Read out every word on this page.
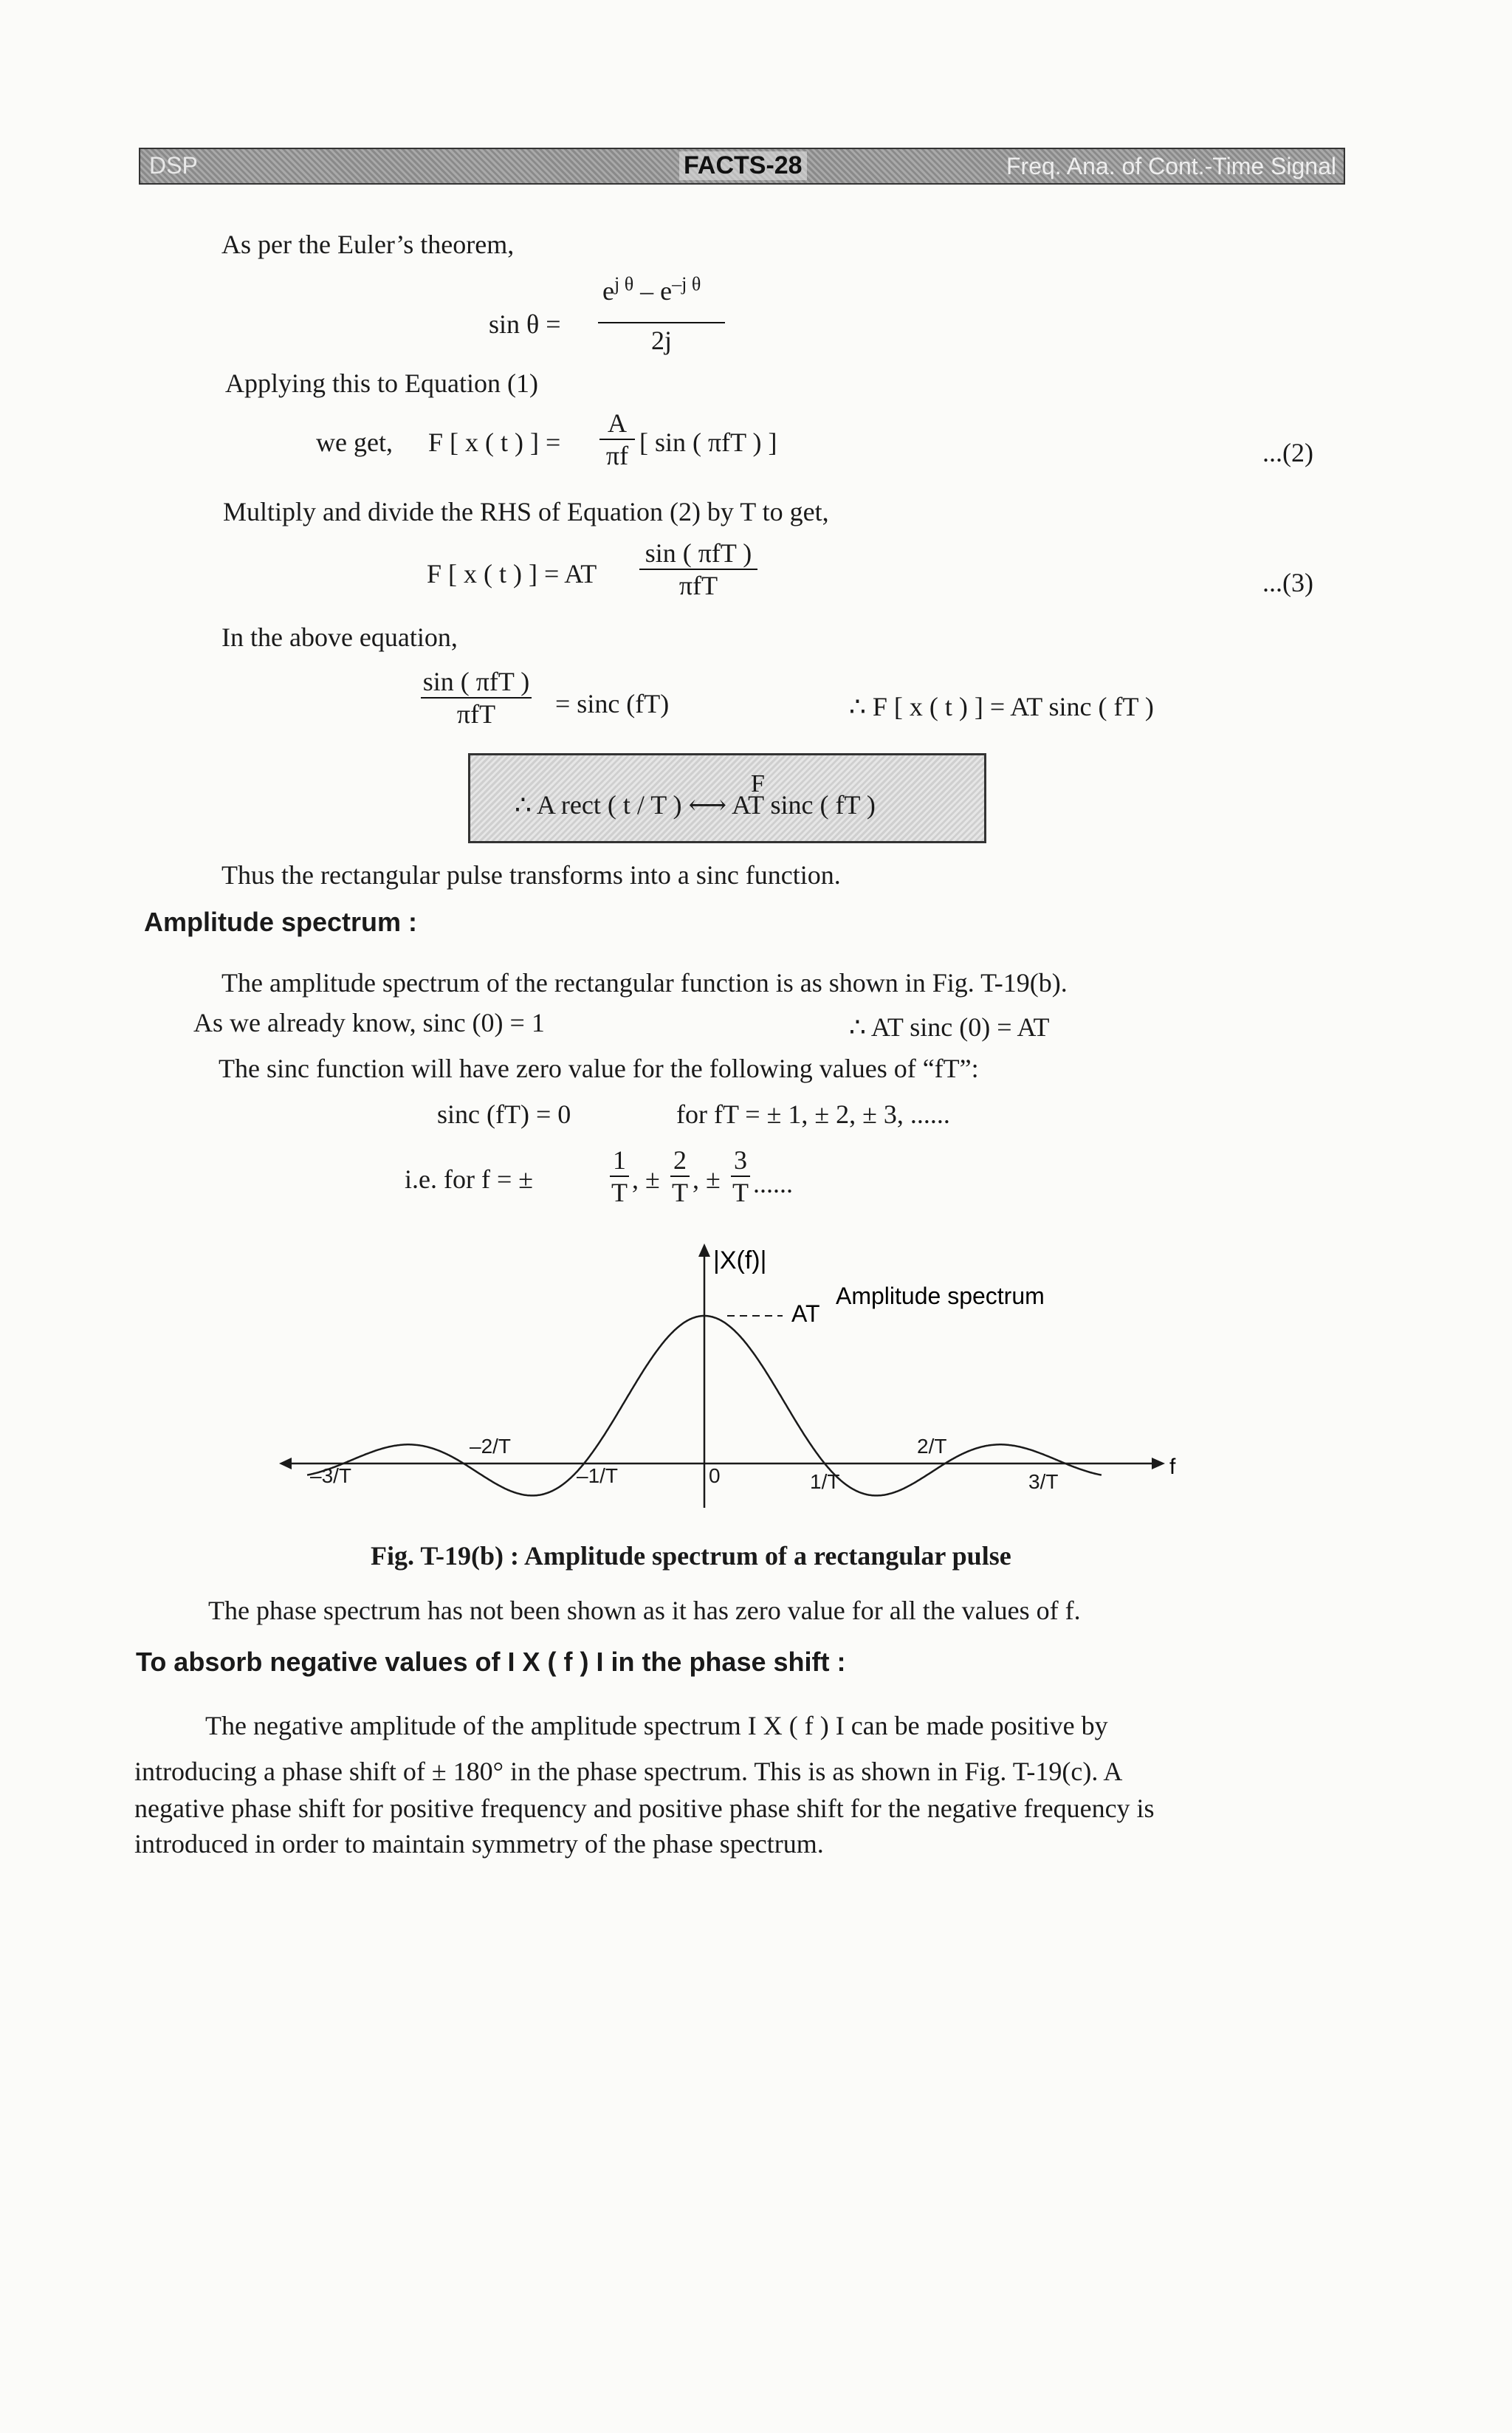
DSP	FACTS-28	Freq. Ana. of Cont.-Time Signal
As per the Euler’s theorem,
sin θ =
$e^{j \theta} - e^{-j \theta}$
2j
Applying this to Equation (1)
we get, F [ x ( t ) ] =
A
πf [ sin ( πfT ) ]	...(2)
Multiply and divide the RHS of Equation (2) by T to get,
F [ x ( t ) ] = AT
sin ( πfT )
πfT	...(3)
In the above equation,
sin ( πfT )
πfT	= sinc (fT)	∴ F [ x ( t ) ] = AT sinc ( fT )
F
∴ A rect ( t / T ) ⟷ AT sinc ( fT )
Thus the rectangular pulse transforms into a sinc function.
Amplitude spectrum :
The amplitude spectrum of the rectangular function is as shown in Fig. T-19(b).
As we already know, sinc (0) = 1	∴ AT sinc (0) = AT
The sinc function will have zero value for the following values of “fT”:
sinc (fT) = 0	for fT = ± 1, ± 2, ± 3, ......
i.e. for f = ±
1
T , ±
2
T , ±
3
T ......
|X(f)|
f
AT
Amplitude spectrum
–3/T
–2/T
–1/T	0	1/T
2/T
3/T
Fig. T-19(b) : Amplitude spectrum of a rectangular pulse
The phase spectrum has not been shown as it has zero value for all the values of f.
To absorb negative values of I X ( f ) I in the phase shift :
The negative amplitude of the amplitude spectrum I X ( f ) I can be made positive by
introducing a phase shift of ± 180° in the phase spectrum. This is as shown in Fig. T-19(c). A
negative phase shift for positive frequency and positive phase shift for the negative frequency is
introduced in order to maintain symmetry of the phase spectrum.
